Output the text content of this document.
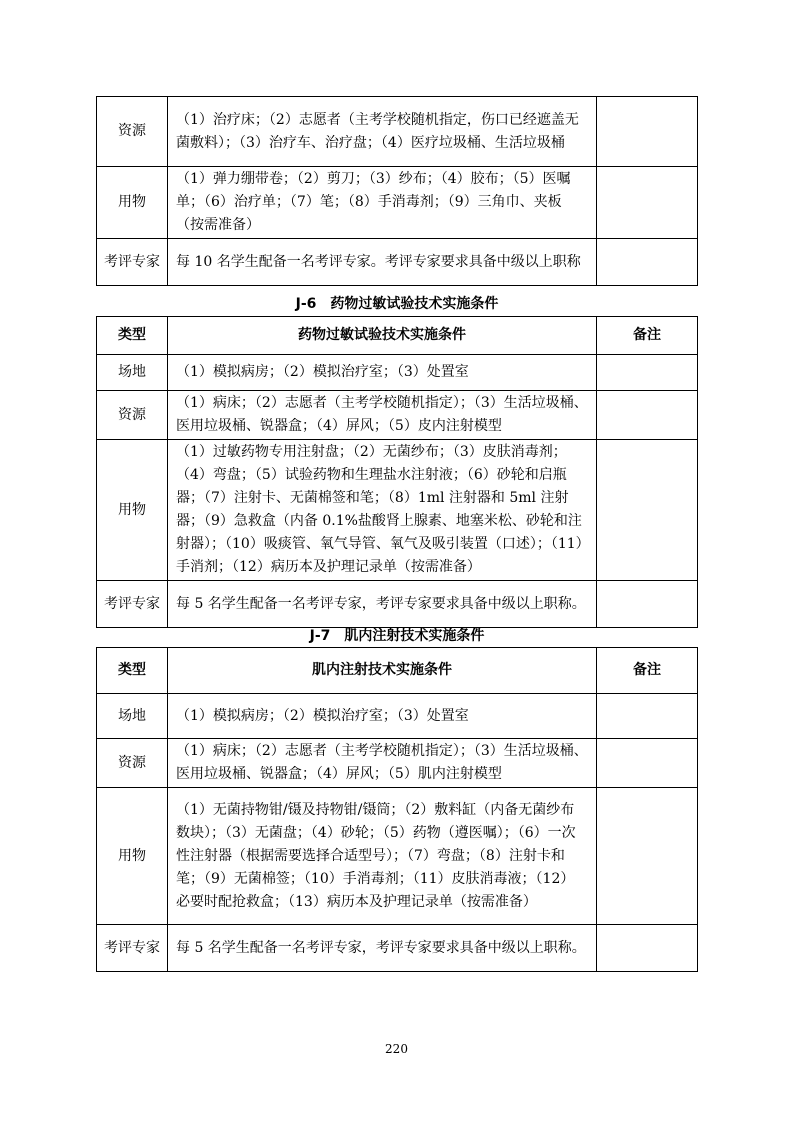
资源	（1）治疗床；（2）志愿者（主考学校随机指定，伤口已经遮盖无菌敷料）；（3）治疗车、治疗盘；（4）医疗垃圾桶、生活垃圾桶	
用物	（1）弹力绷带卷；（2）剪刀；（3）纱布；（4）胶布；（5）医嘱单；（6）治疗单；（7）笔；（8）手消毒剂；（9）三角巾、夹板（按需准备）	
考评专家	每 10 名学生配备一名考评专家。考评专家要求具备中级以上职称	
J-6　药物过敏试验技术实施条件
类型	药物过敏试验技术实施条件	备注
场地	（1）模拟病房；（2）模拟治疗室；（3）处置室	
资源	（1）病床；（2）志愿者（主考学校随机指定）；（3）生活垃圾桶、医用垃圾桶、锐器盒；（4）屏风；（5）皮内注射模型	
用物	（1）过敏药物专用注射盘；（2）无菌纱布；（3）皮肤消毒剂；（4）弯盘；（5）试验药物和生理盐水注射液；（6）砂轮和启瓶器；（7）注射卡、无菌棉签和笔；（8）1ml 注射器和 5ml 注射器；（9）急救盒（内备 0.1%盐酸肾上腺素、地塞米松、砂轮和注射器）；（10）吸痰管、氧气导管、氧气及吸引装置（口述）；（11）手消剂；（12）病历本及护理记录单（按需准备）	
考评专家	每 5 名学生配备一名考评专家，考评专家要求具备中级以上职称。	
J-7　肌内注射技术实施条件
类型	肌内注射技术实施条件	备注
场地	（1）模拟病房；（2）模拟治疗室；（3）处置室	
资源	（1）病床；（2）志愿者（主考学校随机指定）；（3）生活垃圾桶、医用垃圾桶、锐器盒；（4）屏风；（5）肌内注射模型	
用物	（1）无菌持物钳/镊及持物钳/镊筒；（2）敷料缸（内备无菌纱布数块）；（3）无菌盘；（4）砂轮；（5）药物（遵医嘱）；（6）一次性注射器（根据需要选择合适型号）；（7）弯盘；（8）注射卡和笔；（9）无菌棉签；（10）手消毒剂；（11）皮肤消毒液；（12）必要时配抢救盒；（13）病历本及护理记录单（按需准备）	
考评专家	每 5 名学生配备一名考评专家，考评专家要求具备中级以上职称。	
220
